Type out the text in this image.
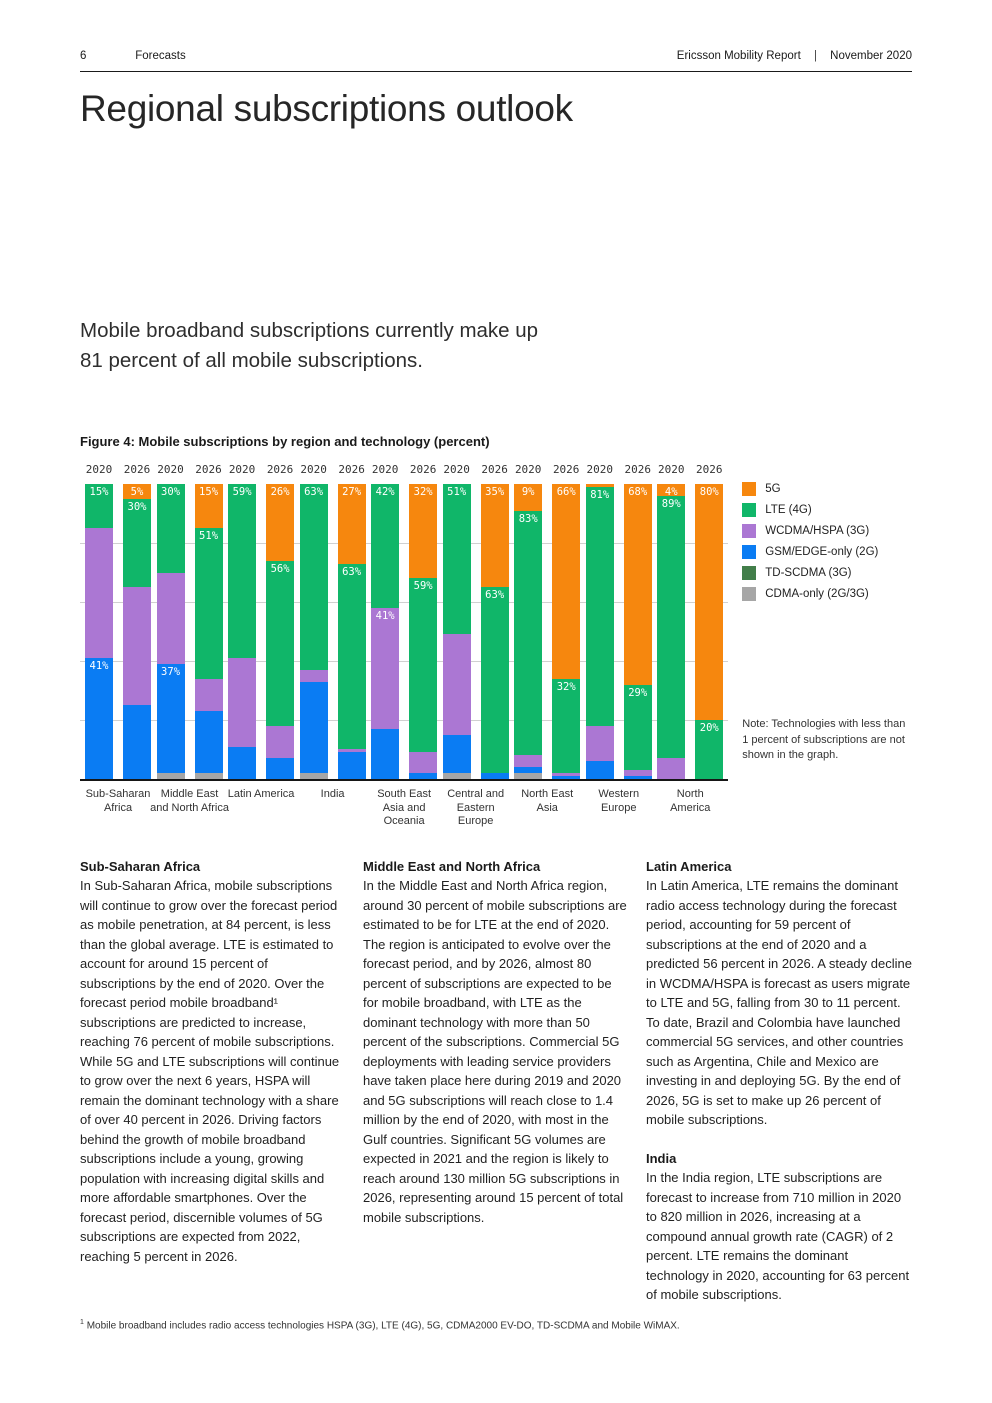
6	Forecasts	Ericsson Mobility Report | November 2020
Regional subscriptions outlook

Mobile broadband subscriptions currently make up 81 percent of all mobile subscriptions.

Figure 4: Mobile subscriptions by region and technology (percent)
2020
15%
41%
2026
5%
30%
Sub-Saharan
Africa
2020
30%
37%
2026
15%
51%
Middle East
and North Africa
2020
59%
2026
26%
56%
Latin America
2020
63%
2026
27%
63%
India
2020
42%
41%
2026
32%
59%
South East
Asia and
Oceania
2020
51%
2026
35%
63%
Central and
Eastern
Europe
2020
9%
83%
2026
66%
32%
North East
Asia
2020
81%
2026
68%
29%
Western
Europe
2020
4%
89%
2026
80%
20%
North
America
5G
LTE (4G)
WCDMA/HSPA (3G)
GSM/EDGE-only (2G)
TD-SCDMA (3G)
CDMA-only (2G/3G)

Note: Technologies with less than 1 percent of subscriptions are not shown in the graph.

Sub-Saharan Africa

In Sub-Saharan Africa, mobile subscriptions will continue to grow over the forecast period as mobile penetration, at 84 percent, is less than the global average. LTE is estimated to account for around 15 percent of subscriptions by the end of 2020. Over the forecast period mobile broadband¹ subscriptions are predicted to increase, reaching 76 percent of mobile subscriptions. While 5G and LTE subscriptions will continue to grow over the next 6 years, HSPA will remain the dominant technology with a share of over 40 percent in 2026. Driving factors behind the growth of mobile broadband subscriptions include a young, growing population with increasing digital skills and more affordable smartphones. Over the forecast period, discernible volumes of 5G subscriptions are expected from 2022, reaching 5 percent in 2026.

Middle East and North Africa

In the Middle East and North Africa region, around 30 percent of mobile subscriptions are estimated to be for LTE at the end of 2020. The region is anticipated to evolve over the forecast period, and by 2026, almost 80 percent of subscriptions are expected to be for mobile broadband, with LTE as the dominant technology with more than 50 percent of the subscriptions. Commercial 5G deployments with leading service providers have taken place here during 2019 and 2020 and 5G subscriptions will reach close to 1.4 million by the end of 2020, with most in the Gulf countries. Significant 5G volumes are expected in 2021 and the region is likely to reach around 130 million 5G subscriptions in 2026, representing around 15 percent of total mobile subscriptions.

Latin America

In Latin America, LTE remains the dominant radio access technology during the forecast period, accounting for 59 percent of subscriptions at the end of 2020 and a predicted 56 percent in 2026. A steady decline in WCDMA/HSPA is forecast as users migrate to LTE and 5G, falling from 30 to 11 percent. To date, Brazil and Colombia have launched commercial 5G services, and other countries such as Argentina, Chile and Mexico are investing in and deploying 5G. By the end of 2026, 5G is set to make up 26 percent of mobile subscriptions.

India

In the India region, LTE subscriptions are forecast to increase from 710 million in 2020 to 820 million in 2026, increasing at a compound annual growth rate (CAGR) of 2 percent. LTE remains the dominant technology in 2020, accounting for 63 percent of mobile subscriptions.

$^1$ Mobile broadband includes radio access technologies HSPA (3G), LTE (4G), 5G, CDMA2000 EV-DO, TD-SCDMA and Mobile WiMAX.
